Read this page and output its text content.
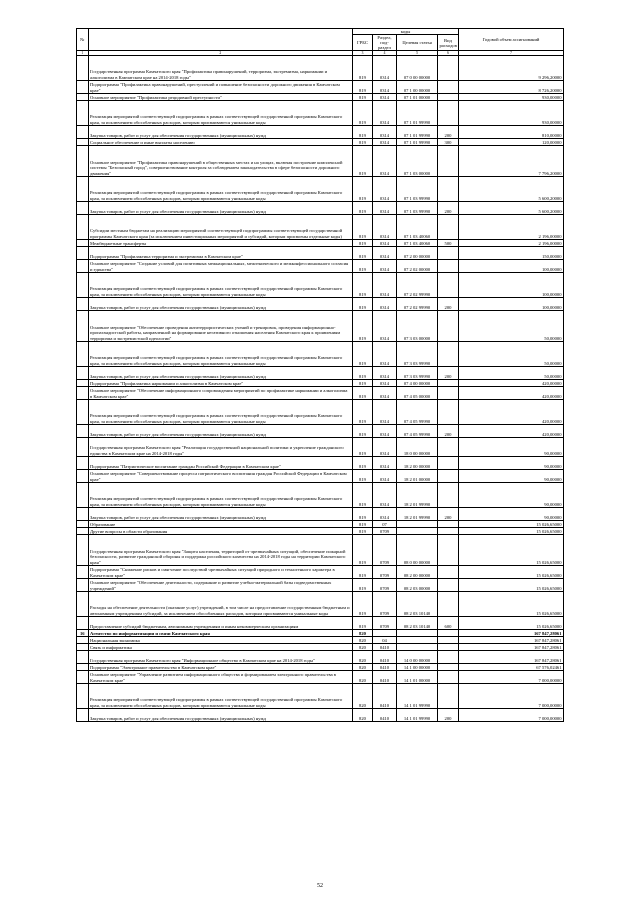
№		коды				Годовой объем ассигнований
		ГРБС	Раздел, под-раздел	Целевая статья	Вид расходов	
1	2	3	4	5	6	7
	Государственная программа Камчатского края "Профилактика правонарушений, терроризма, экстремизма, наркомании и алкоголизма в Камчатском крае на 2014-2018 годы"	819	0314	07 0 00 00000		9 296,20000
	Подпрограмма "Профилактика правонарушений, преступлений и повышение безопасности дорожного движения в Камчатском крае"	819	0314	07 1 00 00000		8 726,20000
	Основное мероприятие "Профилактика рецидивной преступности"	819	0314	07 1 01 00000		930,00000
	Реализация мероприятий соответствующей подпрограммы в рамках соответствующей государственной программы Камчатского края, за исключением обособленных расходов, которым присваиваются уникальные коды	819	0314	07 1 01 99990		930,00000
	Закупка товаров, работ и услуг для обеспечения государственных (муниципальных) нужд	819	0314	07 1 01 99990	200	810,00000
	Социальное обеспечение и иные выплаты населению	819	0314	07 1 01 99990	300	120,00000
	Основное мероприятие "Профилактика правонарушений в общественных местах и на улицах, включая построение комплексной системы "Безопасный город", совершенствование контроля за соблюдением законодательства в сфере безопасности дорожного движения"	819	0314	07 1 03 00000		7 796,20000
	Реализация мероприятий соответствующей подпрограммы в рамках соответствующей государственной программы Камчатского края, за исключением обособленных расходов, которым присваиваются уникальные коды	819	0314	07 1 03 99990		5 600,20000
	Закупка товаров, работ и услуг для обеспечения государственных (муниципальных) нужд	819	0314	07 1 03 99990	200	5 600,20000
	Субсидии местным бюджетам на реализацию мероприятий соответствующей подпрограммы соответствующей государственной программы Камчатского края (за исключением инвестиционных мероприятий и субсидий, которым присвоены отдельные коды)	819	0314	07 1 03 40060		2 196,00000
	Межбюджетные трансферты	819	0314	07 1 03 40060	500	2 196,00000
	Подпрограмма "Профилактика терроризма и экстремизма в Камчатском крае"	819	0314	07 2 00 00000		150,00000
	Основное мероприятие "Создание условий для позитивных межнациональных, межэтнического и межконфессионального согласия и единства"	819	0314	07 2 02 00000		100,00000
	Реализация мероприятий соответствующей подпрограммы в рамках соответствующей государственной программы Камчатского края, за исключением обособленных расходов, которым присваиваются уникальные коды	819	0314	07 2 02 99990		100,00000
	Закупка товаров, работ и услуг для обеспечения государственных (муниципальных) нужд	819	0314	07 2 02 99990	200	100,00000
	Основное мероприятие "Обеспечение проведения антитеррористических учений и тренировок, проведения информационно-пропагандистской работы, направленной на формирование негативного отношения населения Камчатского края к проявлениям терроризма и экстремистской идеологии"	819	0314	07 3 03 00000		50,00000
	Реализация мероприятий соответствующей подпрограммы в рамках соответствующей государственной программы Камчатского края, за исключением обособленных расходов, которым присваиваются уникальные коды	819	0314	07 3 03 99990		50,00000
	Закупка товаров, работ и услуг для обеспечения государственных (муниципальных) нужд	819	0314	07 3 03 99990	200	50,00000
	Подпрограмма "Профилактика наркомании и алкоголизма в Камчатском крае"	819	0314	07 4 00 00000		420,00000
	Основное мероприятие "Обеспечение информационного сопровождения мероприятий по профилактике наркомании и алкоголизма в Камчатском крае"	819	0314	07 4 05 00000		420,00000
	Реализация мероприятий соответствующей подпрограммы в рамках соответствующей государственной программы Камчатского края, за исключением обособленных расходов, которым присваиваются уникальные коды	819	0314	07 4 05 99990		420,00000
	Закупка товаров, работ и услуг для обеспечения государственных (муниципальных) нужд	819	0314	07 4 05 99990	200	420,00000
	Государственная программа Камчатского края "Реализация государственной национальной политики и укрепление гражданского единства в Камчатском крае на 2014-2018 годы"	819	0314	18 0 00 00000		90,00000
	Подпрограмма "Патриотическое воспитание граждан Российской Федерации в Камчатском крае"	819	0314	18 2 00 00000		90,00000
	Основное мероприятие "Совершенствование процесса патриотического воспитания граждан Российской Федерации в Камчатском крае"	819	0314	18 2 01 00000		90,00000
	Реализация мероприятий соответствующей подпрограммы в рамках соответствующей государственной программы Камчатского края, за исключением обособленных расходов, которым присваиваются уникальные коды	819	0314	18 2 01 99990		90,00000
	Закупка товаров, работ и услуг для обеспечения государственных (муниципальных) нужд	819	0314	18 2 01 99990	200	90,00000
	Образование	819	07			15 026,65000
	Другие вопросы в области образования	819	0709			15 026,65000
	Государственная программа Камчатского края "Защита населения, территорий от чрезвычайных ситуаций, обеспечение пожарной безопасности, развитие гражданской обороны и поддержка российского казачества на 2014-2018 годы на территории Камчатского края"	819	0709	08 0 00 00000		15 026,65000
	Подпрограмма "Снижение рисков и смягчение последствий чрезвычайных ситуаций природного и техногенного характера в Камчатском крае"	819	0709	08 2 00 00000		15 026,65000
	Основное мероприятие "Обеспечение деятельности, содержание и развитие учебно-материальной базы подведомственных учреждений"	819	0709	08 2 03 00000		15 026,65000
	Расходы на обеспечение деятельности (оказание услуг) учреждений, в том числе на предоставление государственным бюджетным и автономным учреждениям субсидий, за исключением обособленных расходов, которым присваиваются уникальные коды	819	0709	08 2 03 10140		15 026,65000
	Предоставление субсидий бюджетным, автономным учреждениям и иным некоммерческим организациям	819	0709	08 2 03 10140	600	15 026,65000
16	Агентство по информатизации и связи Камчатского края	820				167 847,28061
	Национальная экономика	820	04			167 847,28061
	Связь и информатика	820	0410			167 847,28061
	Государственная программа Камчатского края "Информационное общество в Камчатском крае на 2014-2018 годы"	820	0410	14 0 00 00000		167 847,28061
	Подпрограмма "Электронное правительство в Камчатском крае"	820	0410	14 1 00 00000		67 576,02461
	Основное мероприятие "Управление развитием информационного общества и формированием электронного правительства в Камчатском крае"	820	0410	14 1 01 00000		7 000,00000
	Реализация мероприятий соответствующей подпрограммы в рамках соответствующей государственной программы Камчатского края, за исключением обособленных расходов, которым присваиваются уникальные коды	820	0410	14 1 01 99990		7 000,00000
	Закупка товаров, работ и услуг для обеспечения государственных (муниципальных) нужд	820	0410	14 1 01 99990	200	7 000,00000
52
